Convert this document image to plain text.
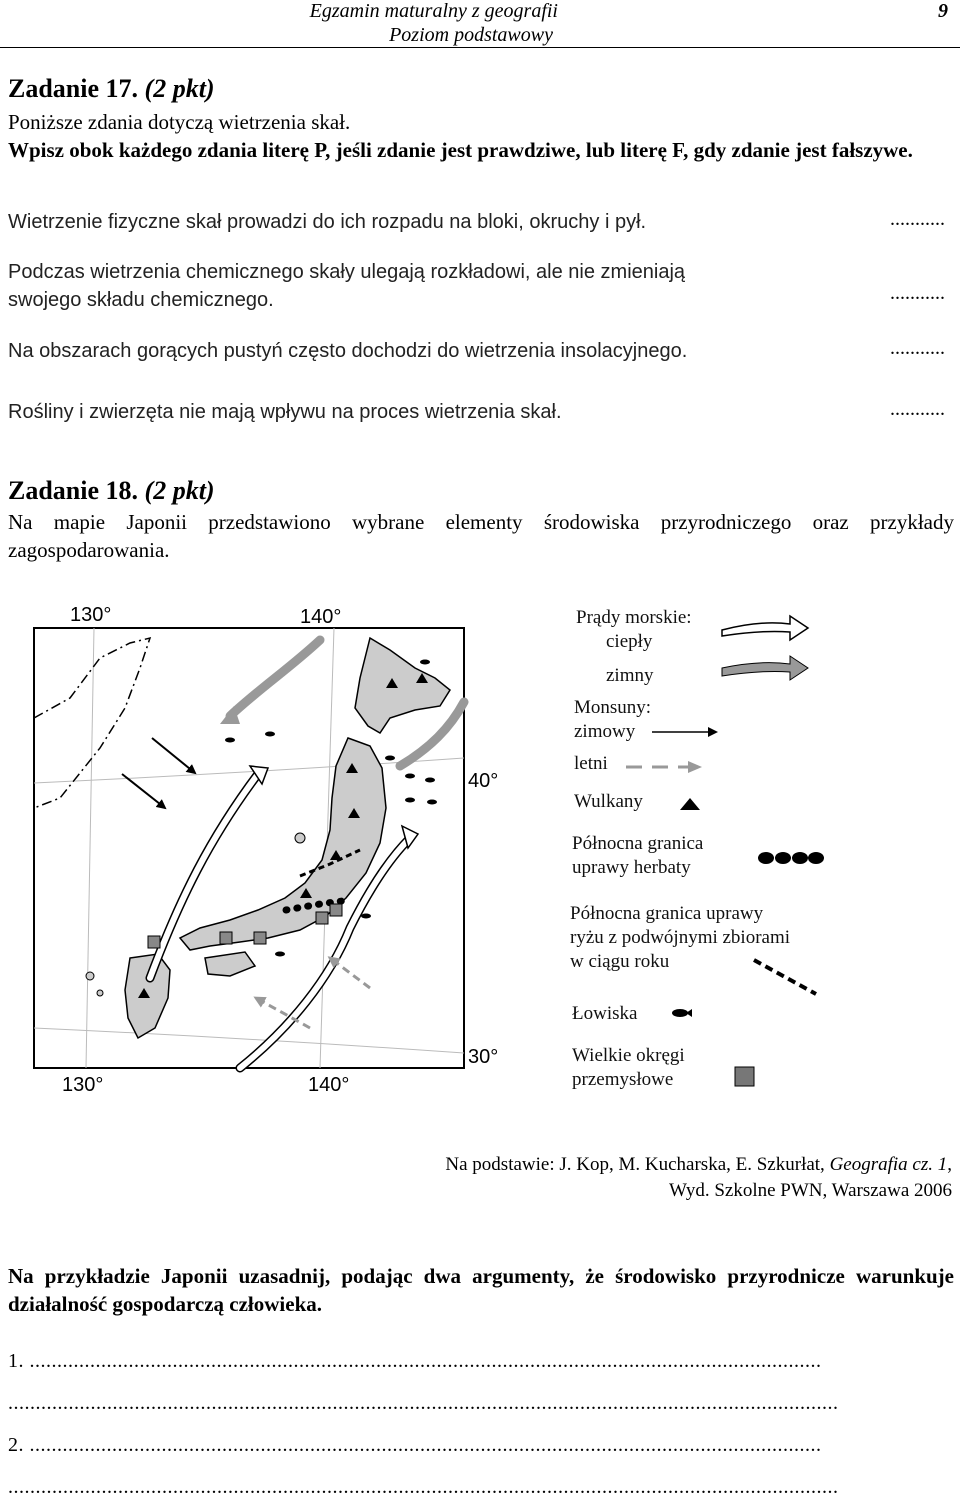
Egzamin maturalny z geografii
Poziom podstawowy
9
Zadanie 17. (2 pkt)
Poniższe zdania dotyczą wietrzenia skał.
Wpisz obok każdego zdania literę P, jeśli zdanie jest prawdziwe, lub literę F, gdy zdanie jest fałszywe.
Wietrzenie fizyczne skał prowadzi do ich rozpadu na bloki, okruchy i pył.	...........
Podczas wietrzenia chemicznego skały ulegają rozkładowi, ale nie zmieniają
swojego składu chemicznego.	...........
Na obszarach gorących pustyń często dochodzi do wietrzenia insolacyjnego.	...........
Rośliny i zwierzęta nie mają wpływu na proces wietrzenia skał.	...........
Zadanie 18. (2 pkt)
Na mapie Japonii przedstawiono wybrane elementy środowiska przyrodniczego oraz przykłady zagospodarowania.
130°	140°
40°
30°
130°	140°
Prądy morskie:
ciepły
zimny
Monsuny:
zimowy
letni
Wulkany
Północna granica
uprawy herbaty
Północna granica uprawy
ryżu z podwójnymi zbiorami
w ciągu roku
Łowiska
Wielkie okręgi
przemysłowe
Na podstawie: J. Kop, M. Kucharska, E. Szkurłat, Geografia cz. 1,
Wyd. Szkolne PWN, Warszawa 2006
Na przykładzie Japonii uzasadnij, podając dwa argumenty, że środowisko przyrodnicze warunkuje działalność gospodarczą człowieka.
1. ................................................................................................................................................
.......................................................................................................................................................
2. ................................................................................................................................................
.......................................................................................................................................................
